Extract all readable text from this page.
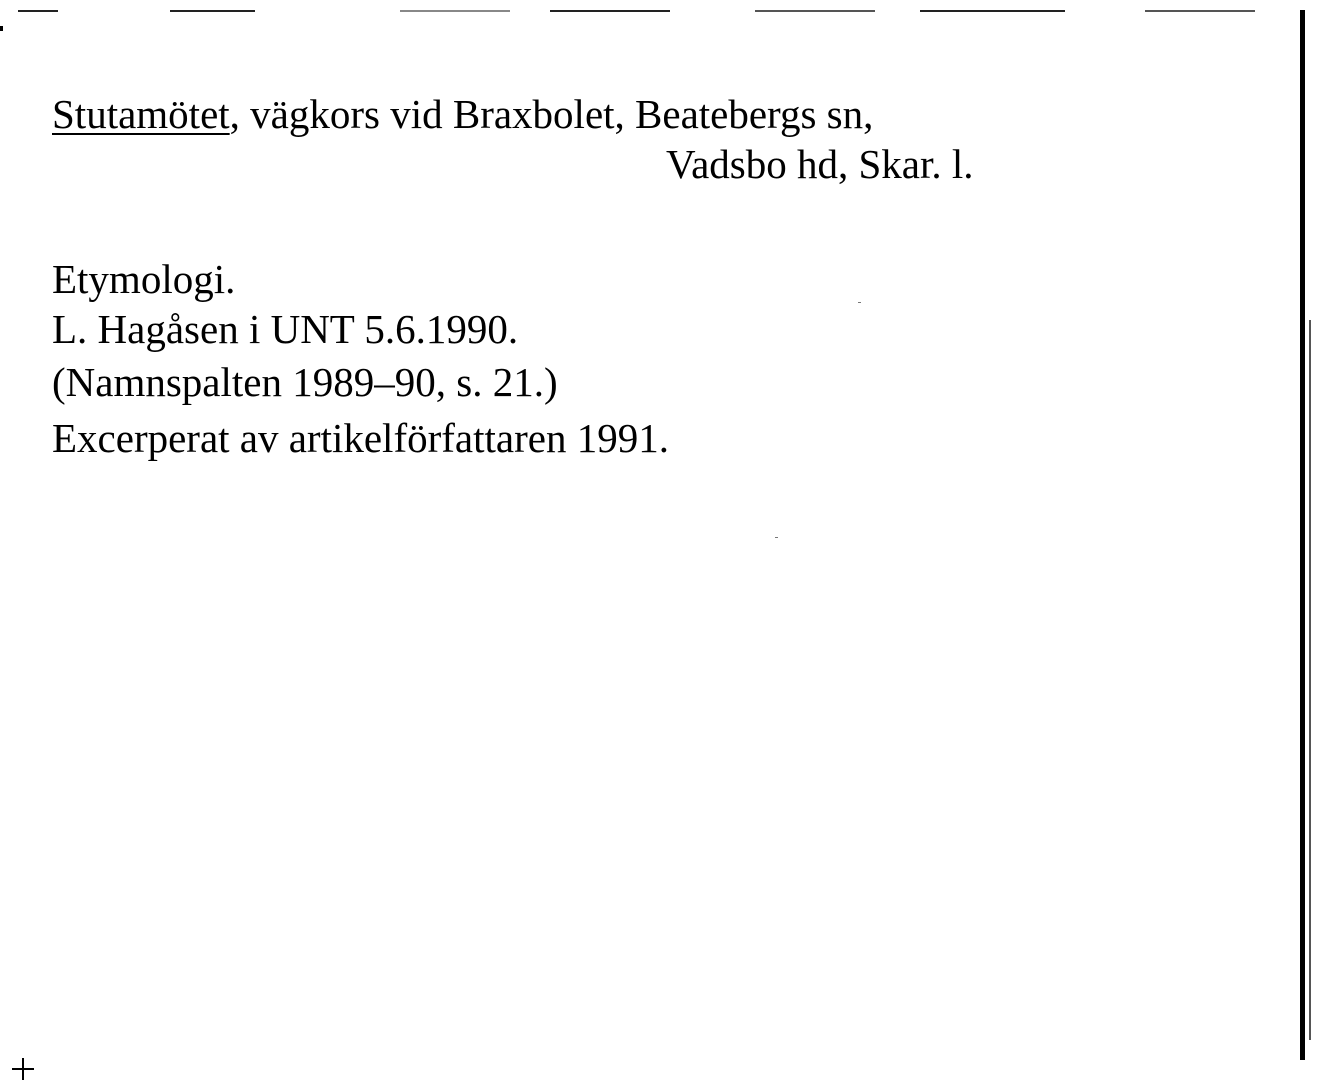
Stutamötet, vägkors vid Braxbolet, Beatebergs sn,
Vadsbo hd, Skar. l.
Etymologi.
L. Hagåsen i UNT 5.6.1990.
(Namnspalten 1989–90, s. 21.)
Excerperat av artikelförfattaren 1991.
